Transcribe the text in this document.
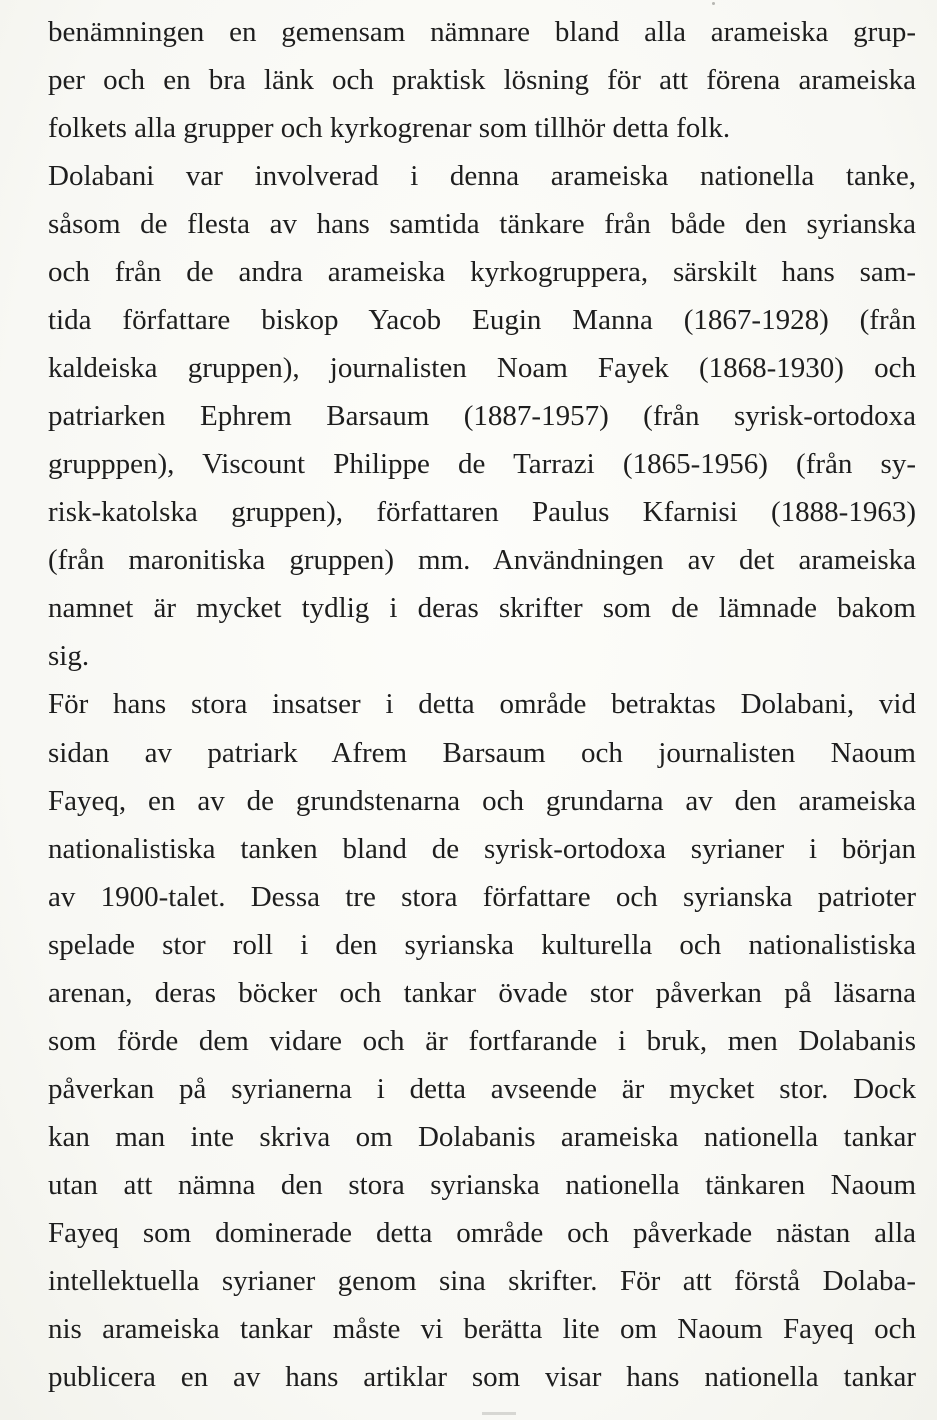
benämningen en gemensam nämnare bland alla arameiska grup-
per och en bra länk och praktisk lösning för att förena arameiska
folkets alla grupper och kyrkogrenar som tillhör detta folk.
Dolabani var involverad i denna arameiska nationella tanke,
såsom de flesta av hans samtida tänkare från både den syrianska
och från de andra arameiska kyrkogruppera, särskilt hans sam-
tida författare biskop Yacob Eugin Manna (1867-1928) (från
kaldeiska gruppen), journalisten Noam Fayek (1868-1930) och
patriarken Ephrem Barsaum (1887-1957) (från syrisk-ortodoxa
grupppen), Viscount Philippe de Tarrazi (1865-1956) (från sy-
risk-katolska gruppen), författaren Paulus Kfarnisi (1888-1963)
(från maronitiska gruppen) mm. Användningen av det arameiska
namnet är mycket tydlig i deras skrifter som de lämnade bakom
sig.
För hans stora insatser i detta område betraktas Dolabani, vid
sidan av patriark Afrem Barsaum och journalisten Naoum
Fayeq, en av de grundstenarna och grundarna av den arameiska
nationalistiska tanken bland de syrisk-ortodoxa syrianer i början
av 1900-talet. Dessa tre stora författare och syrianska patrioter
spelade stor roll i den syrianska kulturella och nationalistiska
arenan, deras böcker och tankar övade stor påverkan på läsarna
som förde dem vidare och är fortfarande i bruk, men Dolabanis
påverkan på syrianerna i detta avseende är mycket stor. Dock
kan man inte skriva om Dolabanis arameiska nationella tankar
utan att nämna den stora syrianska nationella tänkaren Naoum
Fayeq som dominerade detta område och påverkade nästan alla
intellektuella syrianer genom sina skrifter. För att förstå Dolaba-
nis arameiska tankar måste vi berätta lite om Naoum Fayeq och
publicera en av hans artiklar som visar hans nationella tankar
